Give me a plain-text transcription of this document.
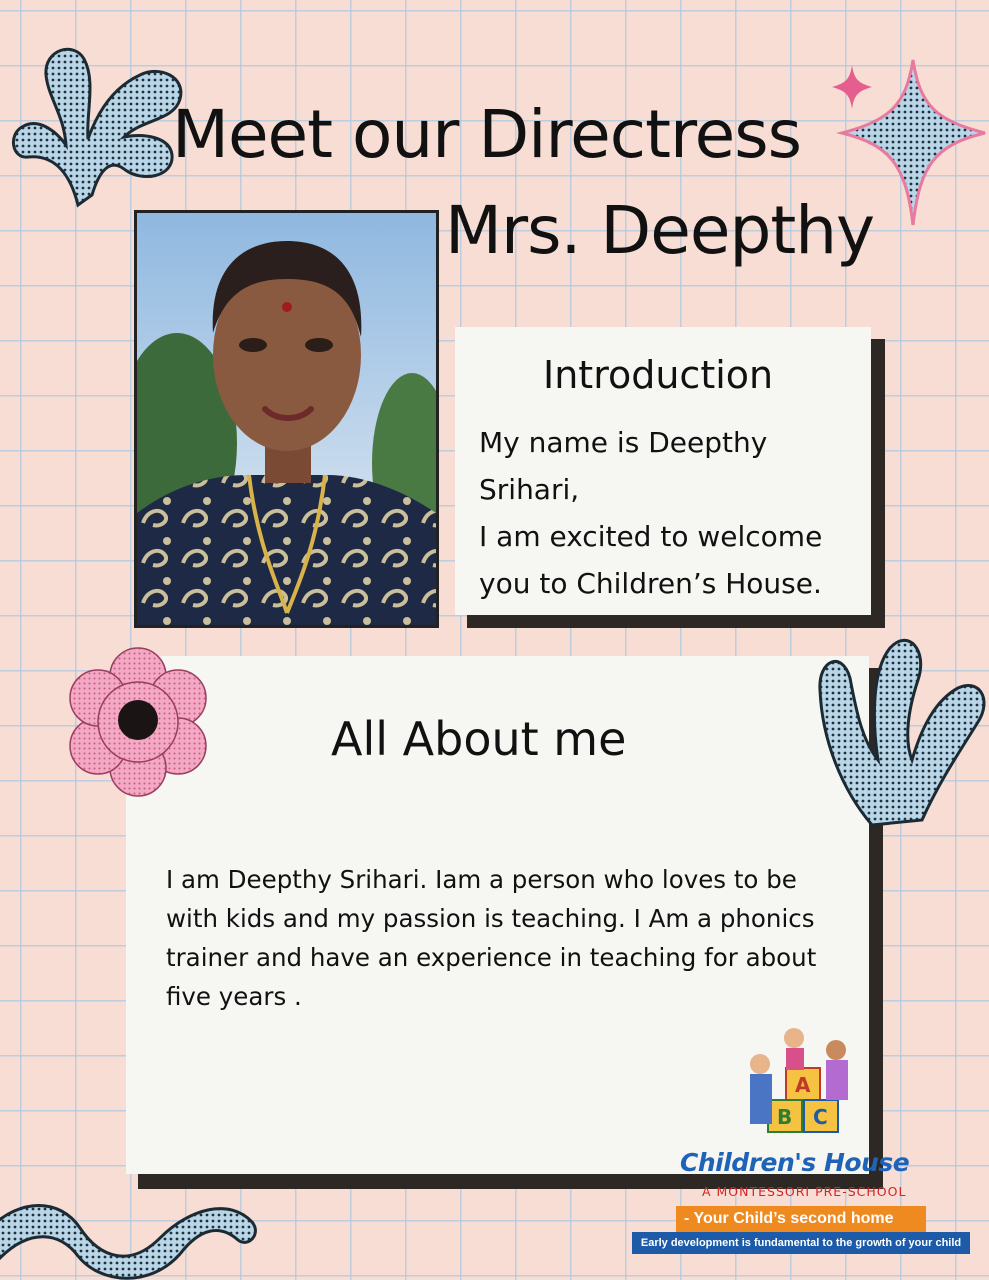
Meet our Directress
Mrs. Deepthy
Introduction

My name is Deepthy
Srihari,
I am excited to welcome
you to Children’s House.

All About me

I am Deepthy Srihari. Iam a person who loves to be
with kids and my passion is teaching. I Am a phonics
trainer and have an experience in teaching for about
five years .

A
B C
Children's House
A MONTESSORI PRE-SCHOOL
- Your Child’s second home
Early development is fundamental to the growth of your child
